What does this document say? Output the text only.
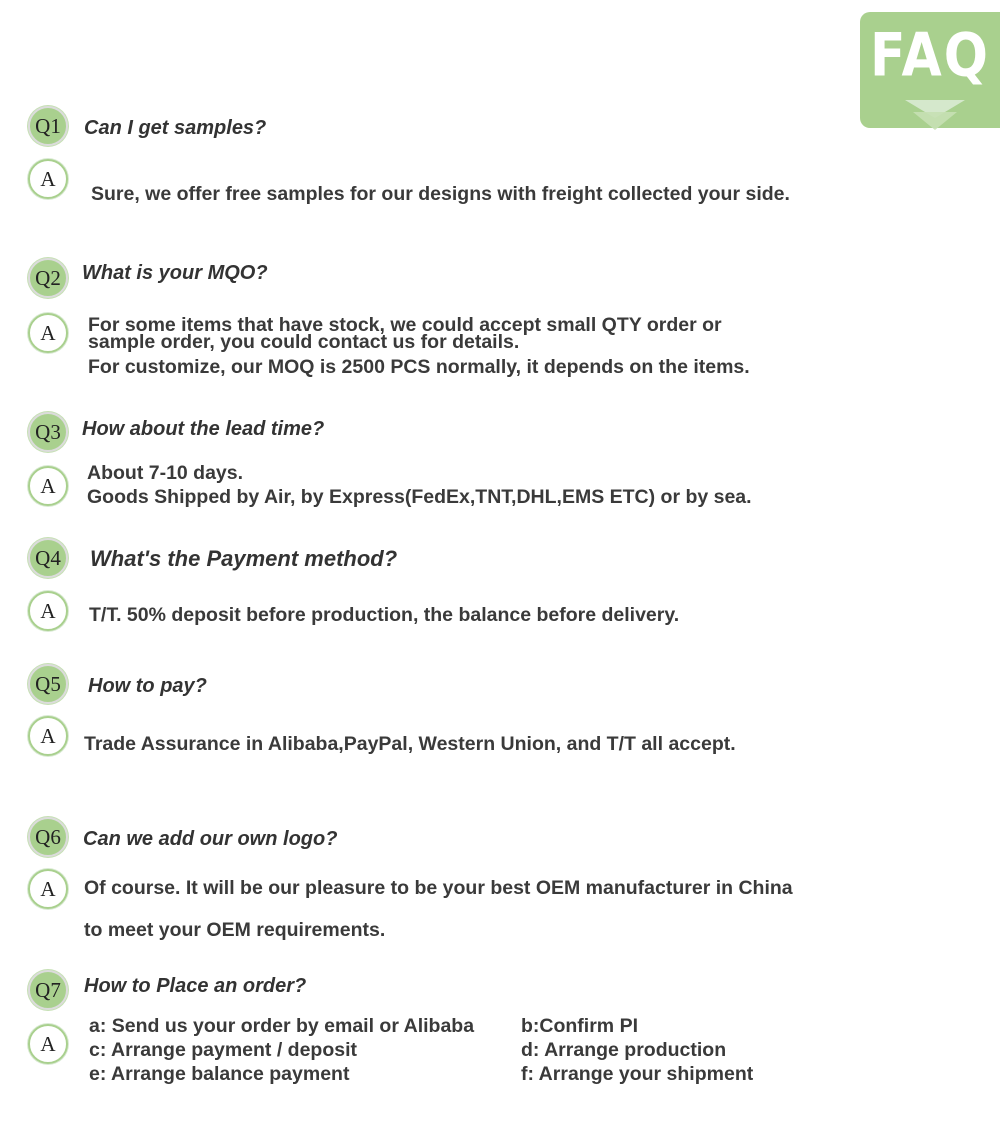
FAQ
Q1	Can I get samples?
A
Sure, we offer free samples for our designs with freight collected your side.
Q2	What is your MQO?
A	For some items that have stock, we could accept small QTY order or
sample order, you could contact us for details.
For customize, our MOQ is 2500 PCS normally, it depends on the items.
Q3	How about the lead time?
A
About 7-10 days.
Goods Shipped by Air, by Express(FedEx,TNT,DHL,EMS ETC) or by sea.
Q4	What's the Payment method?
A	T/T. 50% deposit before production, the balance before delivery.
Q5	How to pay?
A	Trade Assurance in Alibaba,PayPal, Western Union, and T/T all accept.
Q6	Can we add our own logo?
A	Of course. It will be our pleasure to be your best OEM manufacturer in China
to meet your OEM requirements.
Q7	How to Place an order?
A
a: Send us your order by email or Alibaba	b:Confirm PI
c: Arrange payment / deposit	d: Arrange production
e: Arrange balance payment	f: Arrange your shipment
